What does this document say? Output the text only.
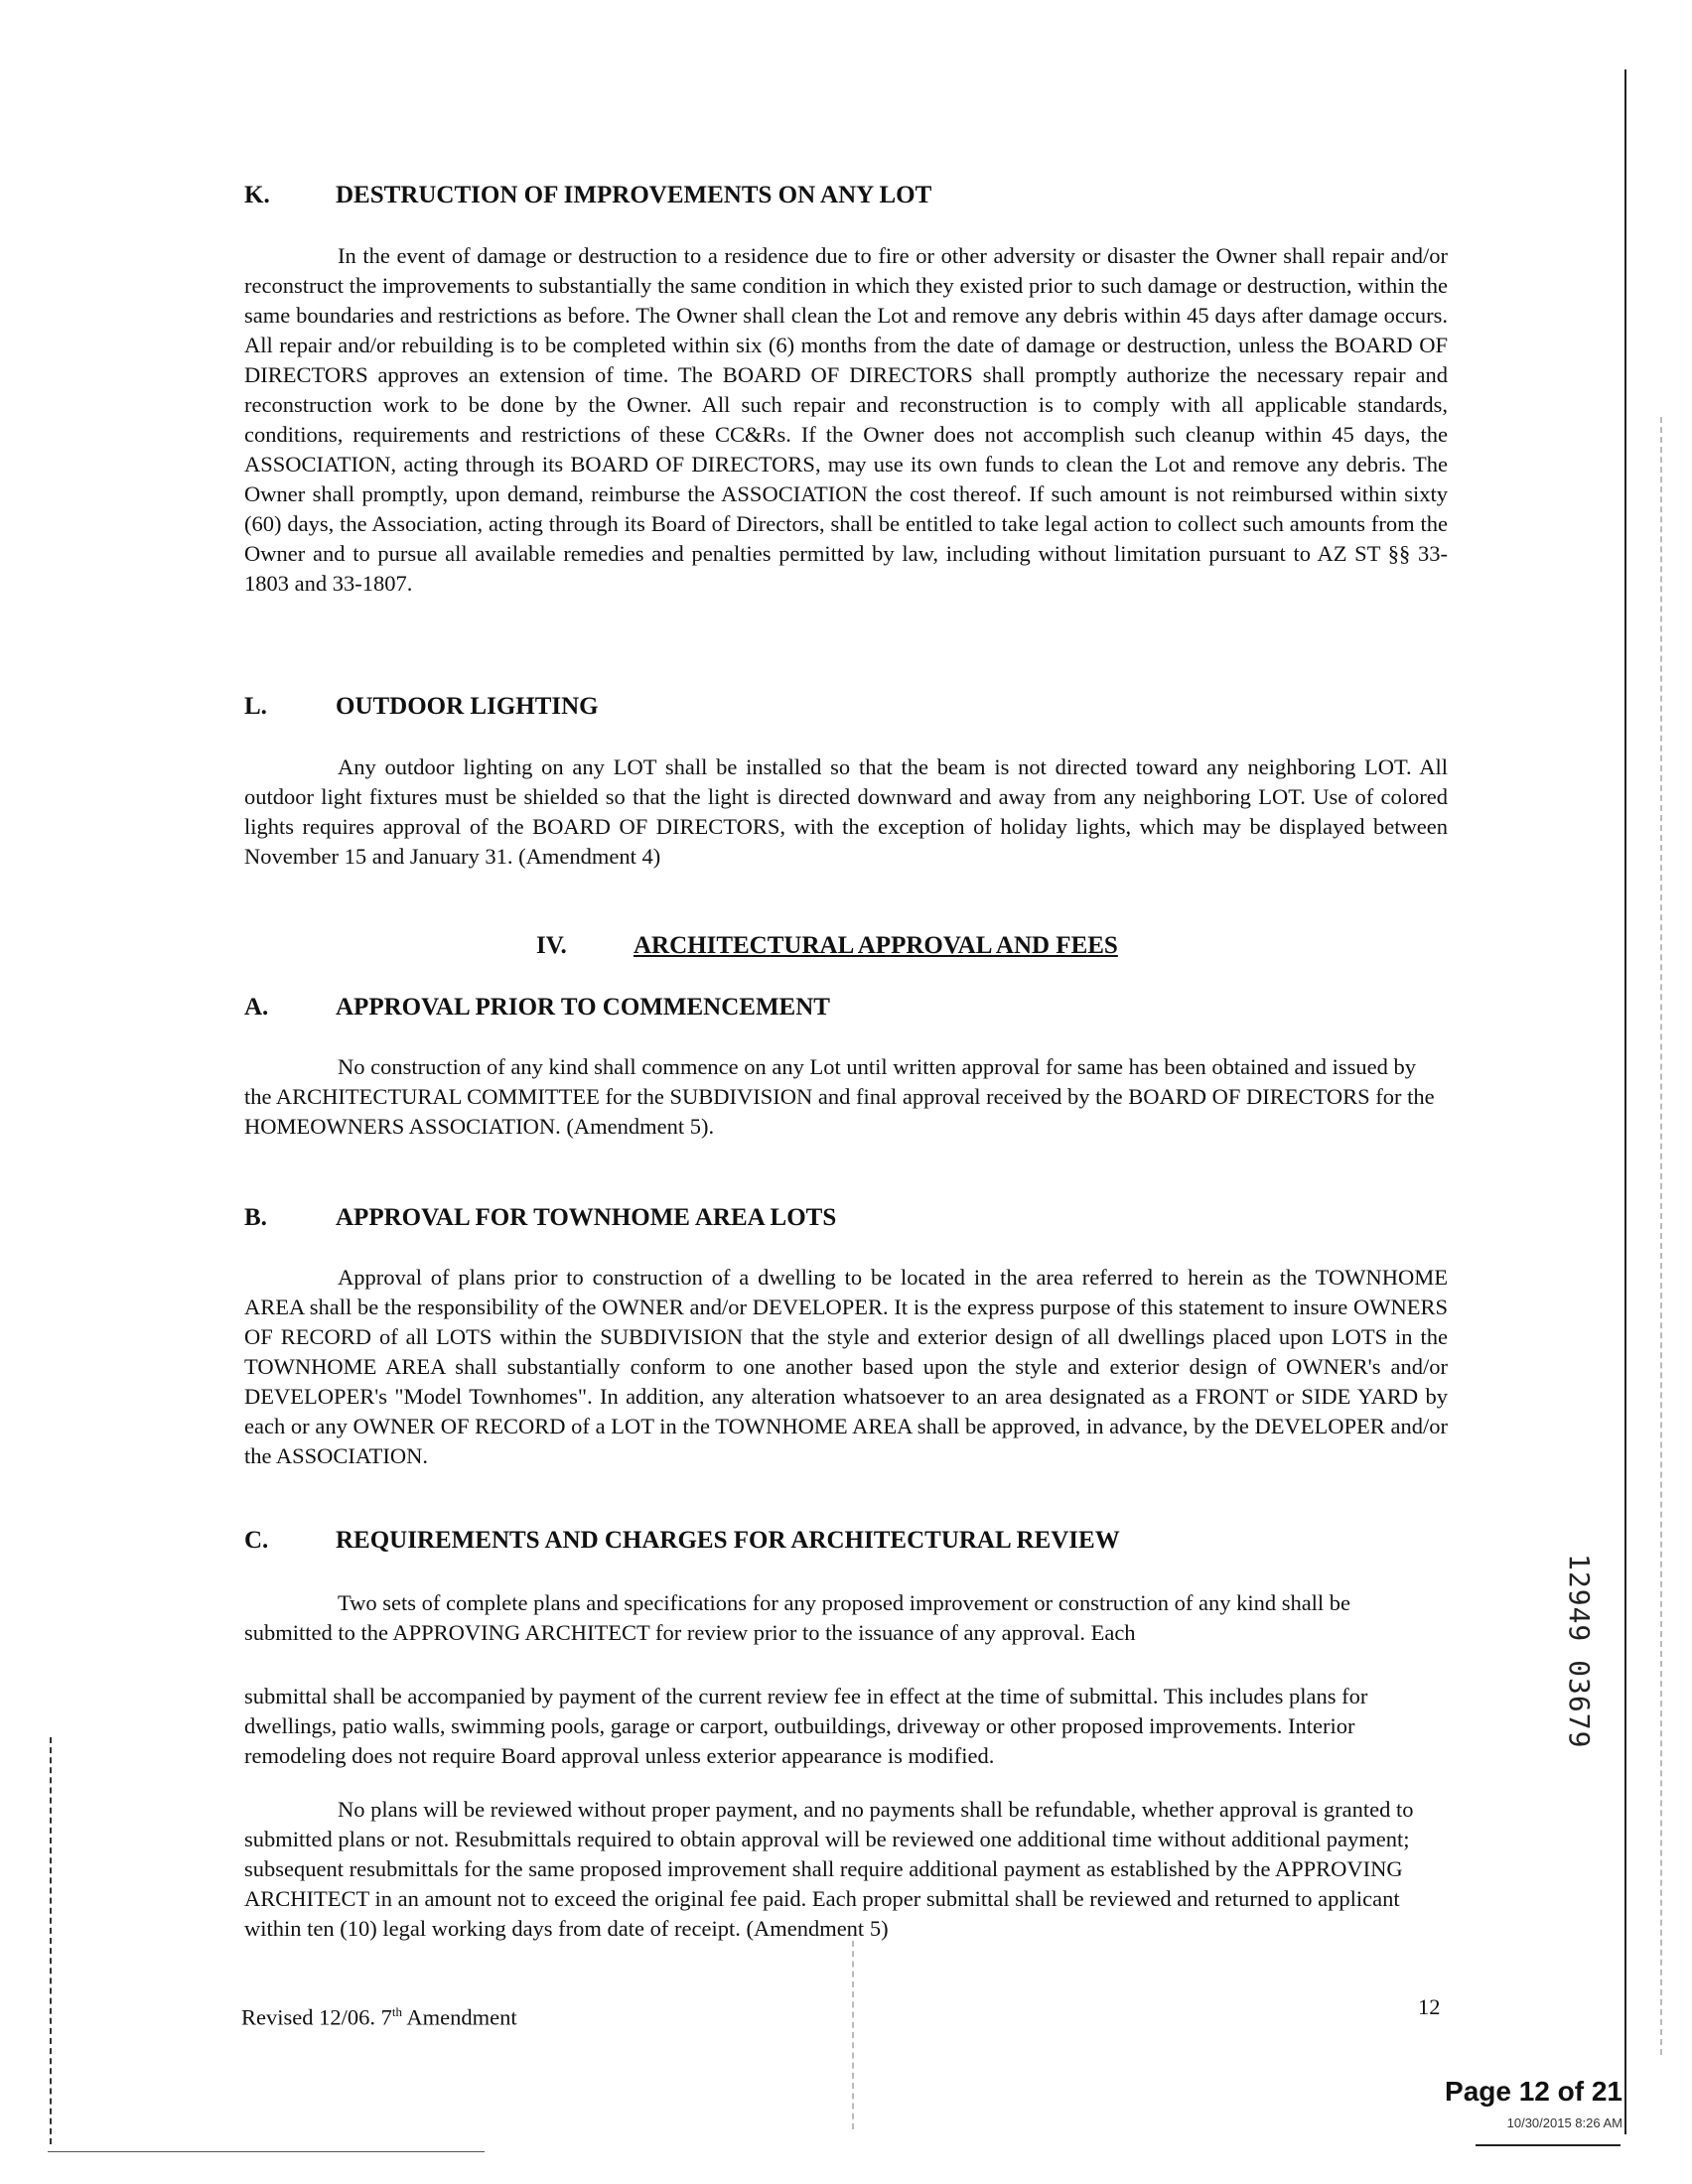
K.	DESTRUCTION OF IMPROVEMENTS ON ANY LOT
In the event of damage or destruction to a residence due to fire or other adversity or disaster the Owner shall repair and/or reconstruct the improvements to substantially the same condition in which they existed prior to such damage or destruction, within the same boundaries and restrictions as before. The Owner shall clean the Lot and remove any debris within 45 days after damage occurs. All repair and/or rebuilding is to be completed within six (6) months from the date of damage or destruction, unless the BOARD OF DIRECTORS approves an extension of time. The BOARD OF DIRECTORS shall promptly authorize the necessary repair and reconstruction work to be done by the Owner. All such repair and reconstruction is to comply with all applicable standards, conditions, requirements and restrictions of these CC&Rs. If the Owner does not accomplish such cleanup within 45 days, the ASSOCIATION, acting through its BOARD OF DIRECTORS, may use its own funds to clean the Lot and remove any debris. The Owner shall promptly, upon demand, reimburse the ASSOCIATION the cost thereof. If such amount is not reimbursed within sixty (60) days, the Association, acting through its Board of Directors, shall be entitled to take legal action to collect such amounts from the Owner and to pursue all available remedies and penalties permitted by law, including without limitation pursuant to AZ ST §§ 33-1803 and 33-1807.
L.	OUTDOOR LIGHTING
Any outdoor lighting on any LOT shall be installed so that the beam is not directed toward any neighboring LOT. All outdoor light fixtures must be shielded so that the light is directed downward and away from any neighboring LOT. Use of colored lights requires approval of the BOARD OF DIRECTORS, with the exception of holiday lights, which may be displayed between November 15 and January 31. (Amendment 4)
IV.	ARCHITECTURAL APPROVAL AND FEES
A.	APPROVAL PRIOR TO COMMENCEMENT
No construction of any kind shall commence on any Lot until written approval for same has been obtained and issued by the ARCHITECTURAL COMMITTEE for the SUBDIVISION and final approval received by the BOARD OF DIRECTORS for the HOMEOWNERS ASSOCIATION. (Amendment 5).
B.	APPROVAL FOR TOWNHOME AREA LOTS
Approval of plans prior to construction of a dwelling to be located in the area referred to herein as the TOWNHOME AREA shall be the responsibility of the OWNER and/or DEVELOPER. It is the express purpose of this statement to insure OWNERS OF RECORD of all LOTS within the SUBDIVISION that the style and exterior design of all dwellings placed upon LOTS in the TOWNHOME AREA shall substantially conform to one another based upon the style and exterior design of OWNER's and/or DEVELOPER's "Model Townhomes". In addition, any alteration whatsoever to an area designated as a FRONT or SIDE YARD by each or any OWNER OF RECORD of a LOT in the TOWNHOME AREA shall be approved, in advance, by the DEVELOPER and/or the ASSOCIATION.
C.	REQUIREMENTS AND CHARGES FOR ARCHITECTURAL REVIEW
Two sets of complete plans and specifications for any proposed improvement or construction of any kind shall be submitted to the APPROVING ARCHITECT for review prior to the issuance of any approval. Each
submittal shall be accompanied by payment of the current review fee in effect at the time of submittal. This includes plans for dwellings, patio walls, swimming pools, garage or carport, outbuildings, driveway or other proposed improvements. Interior remodeling does not require Board approval unless exterior appearance is modified.
No plans will be reviewed without proper payment, and no payments shall be refundable, whether approval is granted to submitted plans or not. Resubmittals required to obtain approval will be reviewed one additional time without additional payment; subsequent resubmittals for the same proposed improvement shall require additional payment as established by the APPROVING ARCHITECT in an amount not to exceed the original fee paid. Each proper submittal shall be reviewed and returned to applicant within ten (10) legal working days from date of receipt. (Amendment 5)
Revised 12/06. 7th Amendment	12
Page 12 of 21
10/30/2015 8:26 AM
12949 03679
